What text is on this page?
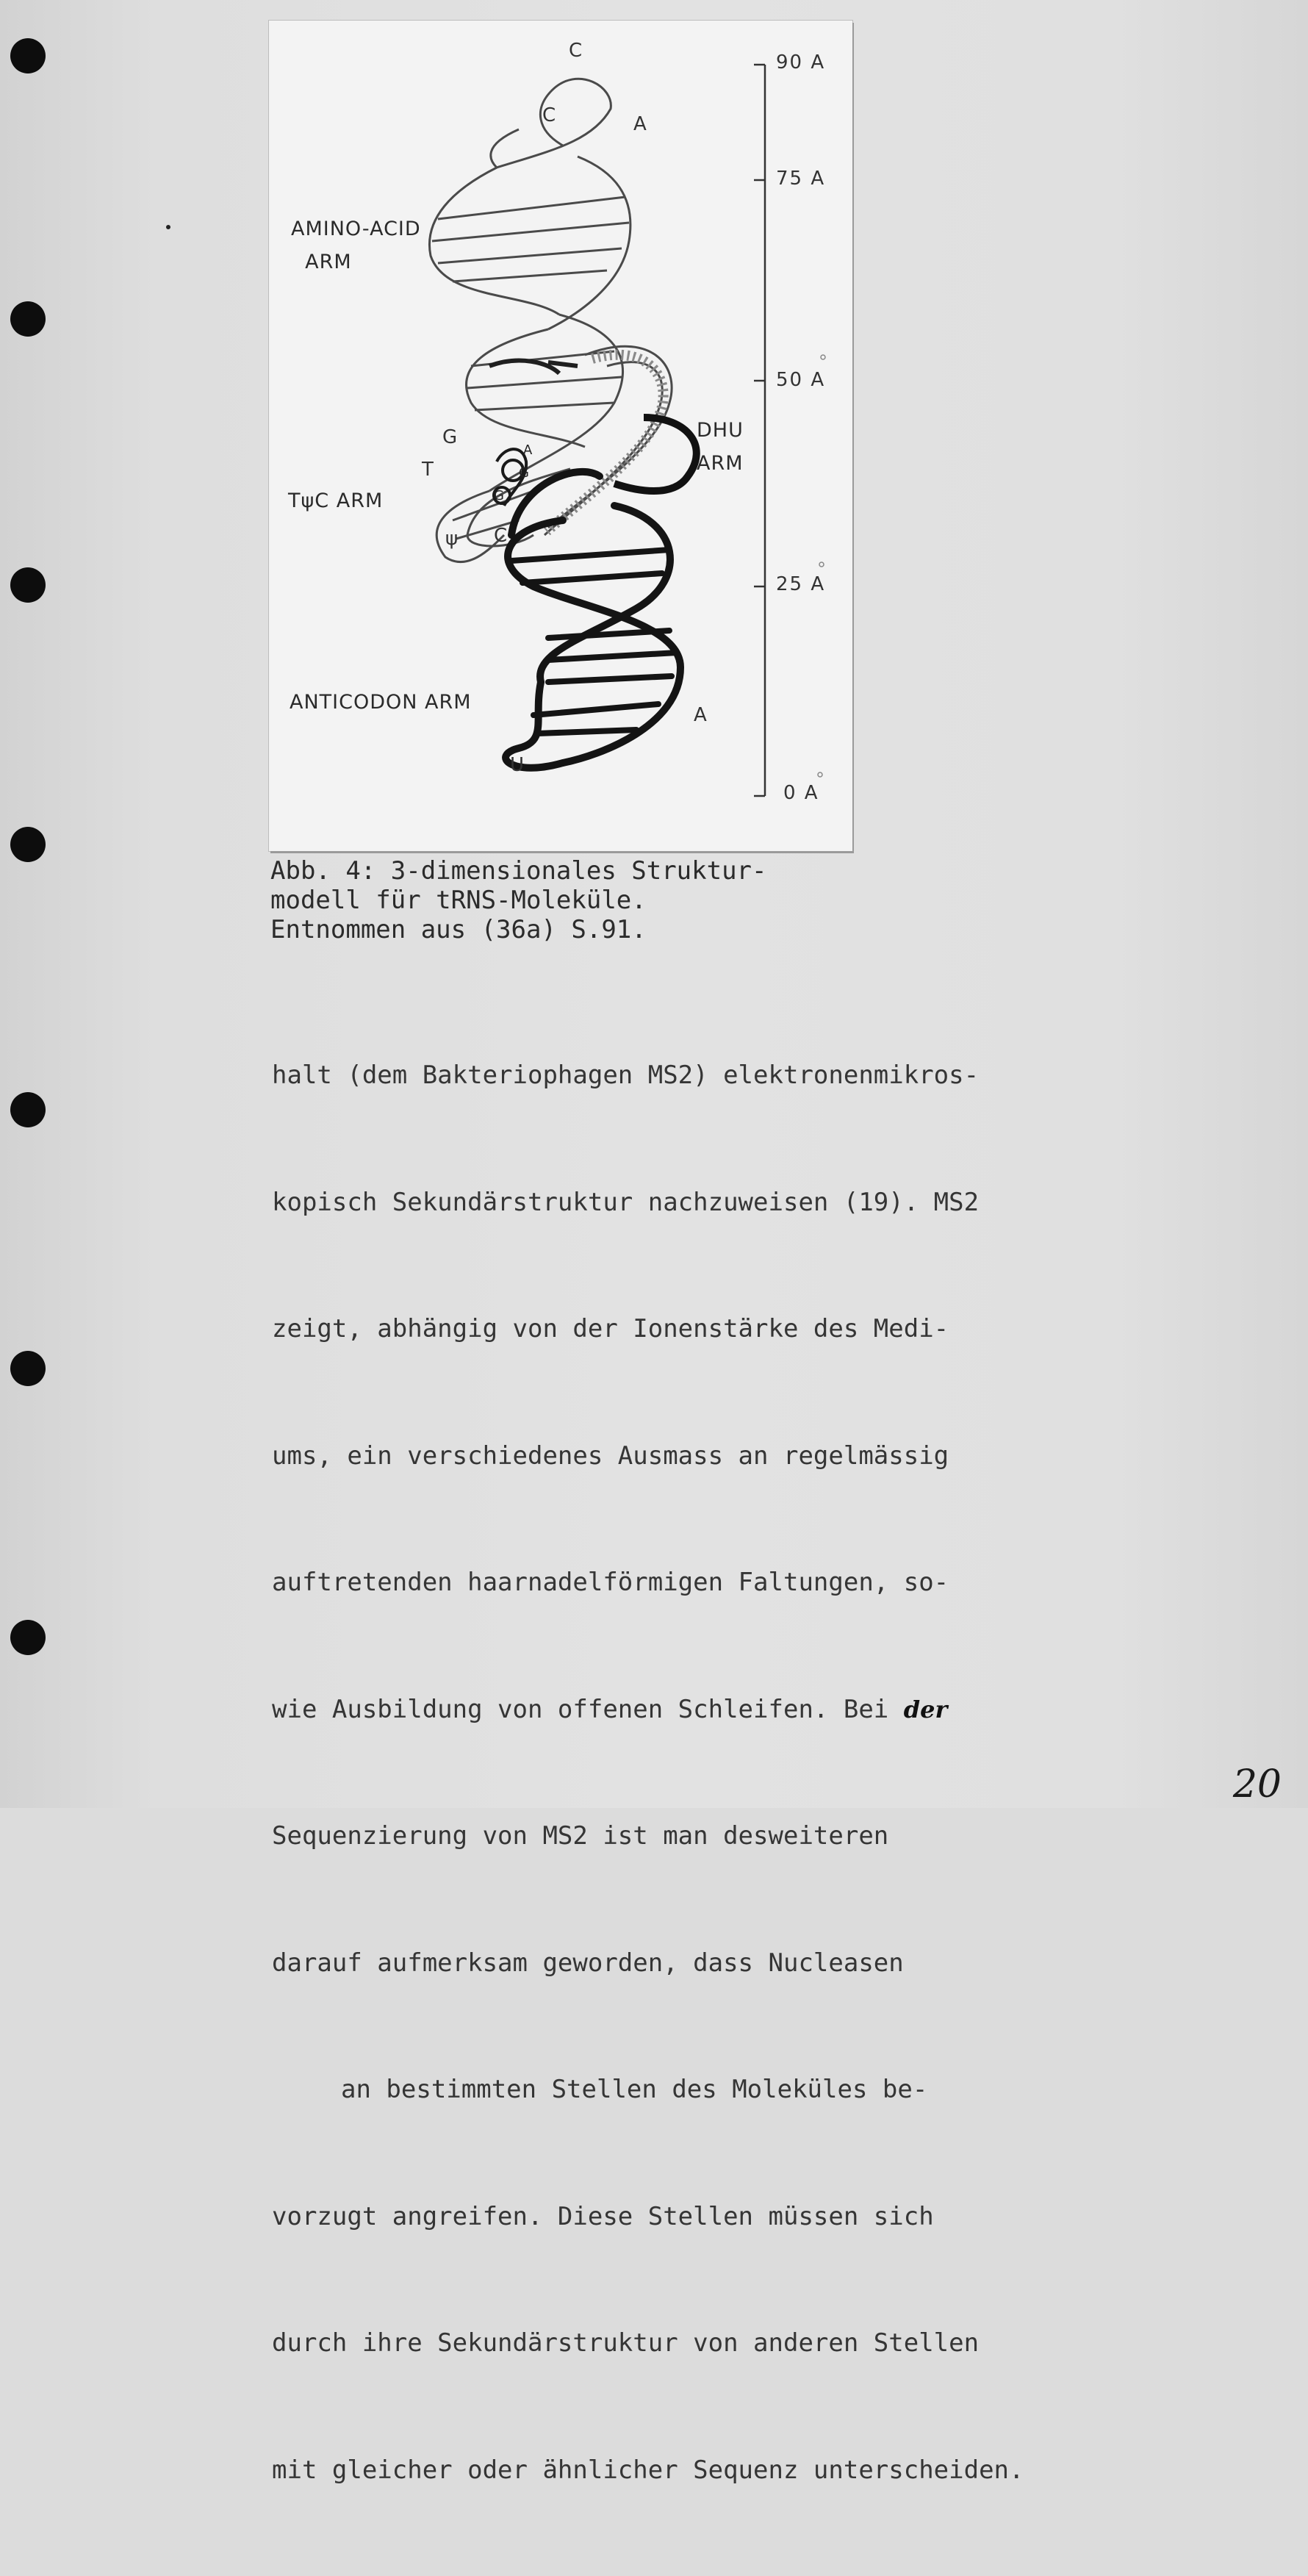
AMINO-ACID
ARM
TψC ARM
DHU
ARM
ANTICODON ARM
C
C	A
G
T
ψ C
A
G
G
A
U
90 A
75 A
50 A
25 A
0 A
Abb. 4: 3-dimensionales Struktur-
modell für tRNS-Moleküle.
Entnommen aus (36a) S.91.

halt (dem Bakteriophagen MS2) elektronenmikros-

kopisch Sekundärstruktur nachzuweisen (19). MS2

zeigt, abhängig von der Ionenstärke des Medi-

ums, ein verschiedenes Ausmass an regelmässig

auftretenden haarnadelförmigen Faltungen, so-

wie Ausbildung von offenen Schleifen. Bei der

Sequenzierung von MS2 ist man desweiteren

darauf aufmerksam geworden, dass Nucleasen

an bestimmten Stellen des Moleküles be-

vorzugt angreifen. Diese Stellen müssen sich

durch ihre Sekundärstruktur von anderen Stellen

mit gleicher oder ähnlicher Sequenz unterscheiden.

20
